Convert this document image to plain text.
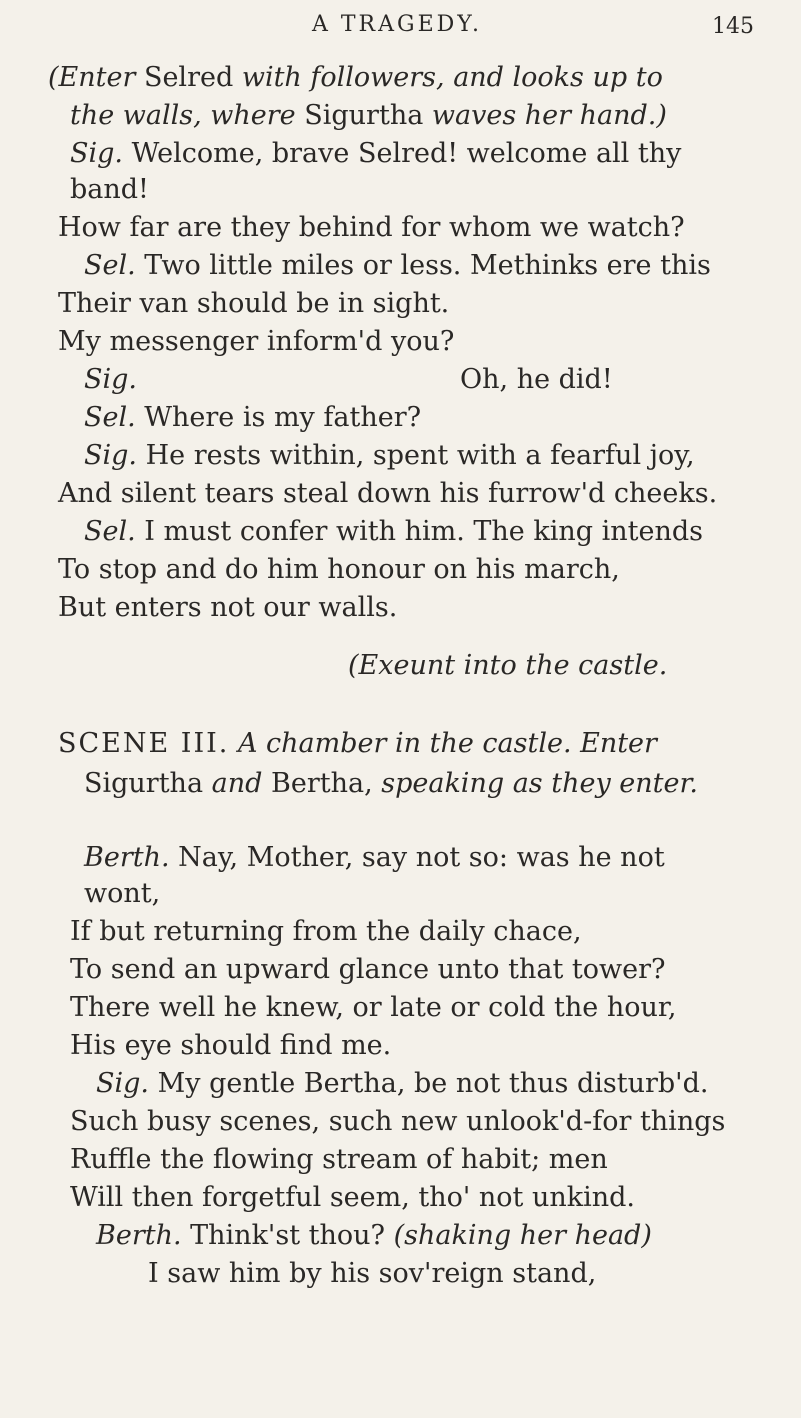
A TRAGEDY.	145
(Enter Selred with followers, and looks up to
the walls, where Sigurtha waves her hand.)
Sig. Welcome, brave Selred! welcome all thy
band!
How far are they behind for whom we watch?
Sel. Two little miles or less. Methinks ere this
Their van should be in sight.
My messenger inform'd you?
Sig.	Oh, he did!
Sel. Where is my father?
Sig. He rests within, spent with a fearful joy,
And silent tears steal down his furrow'd cheeks.
Sel. I must confer with him. The king intends
To stop and do him honour on his march,
But enters not our walls.
(Exeunt into the castle.
SCENE III. A chamber in the castle. Enter
Sigurtha and Bertha, speaking as they enter.
Berth. Nay, Mother, say not so: was he not
wont,
If but returning from the daily chace,
To send an upward glance unto that tower?
There well he knew, or late or cold the hour,
His eye should find me.
Sig. My gentle Bertha, be not thus disturb'd.
Such busy scenes, such new unlook'd-for things
Ruffle the flowing stream of habit; men
Will then forgetful seem, tho' not unkind.
Berth. Think'st thou? (shaking her head)
I saw him by his sov'reign stand,
